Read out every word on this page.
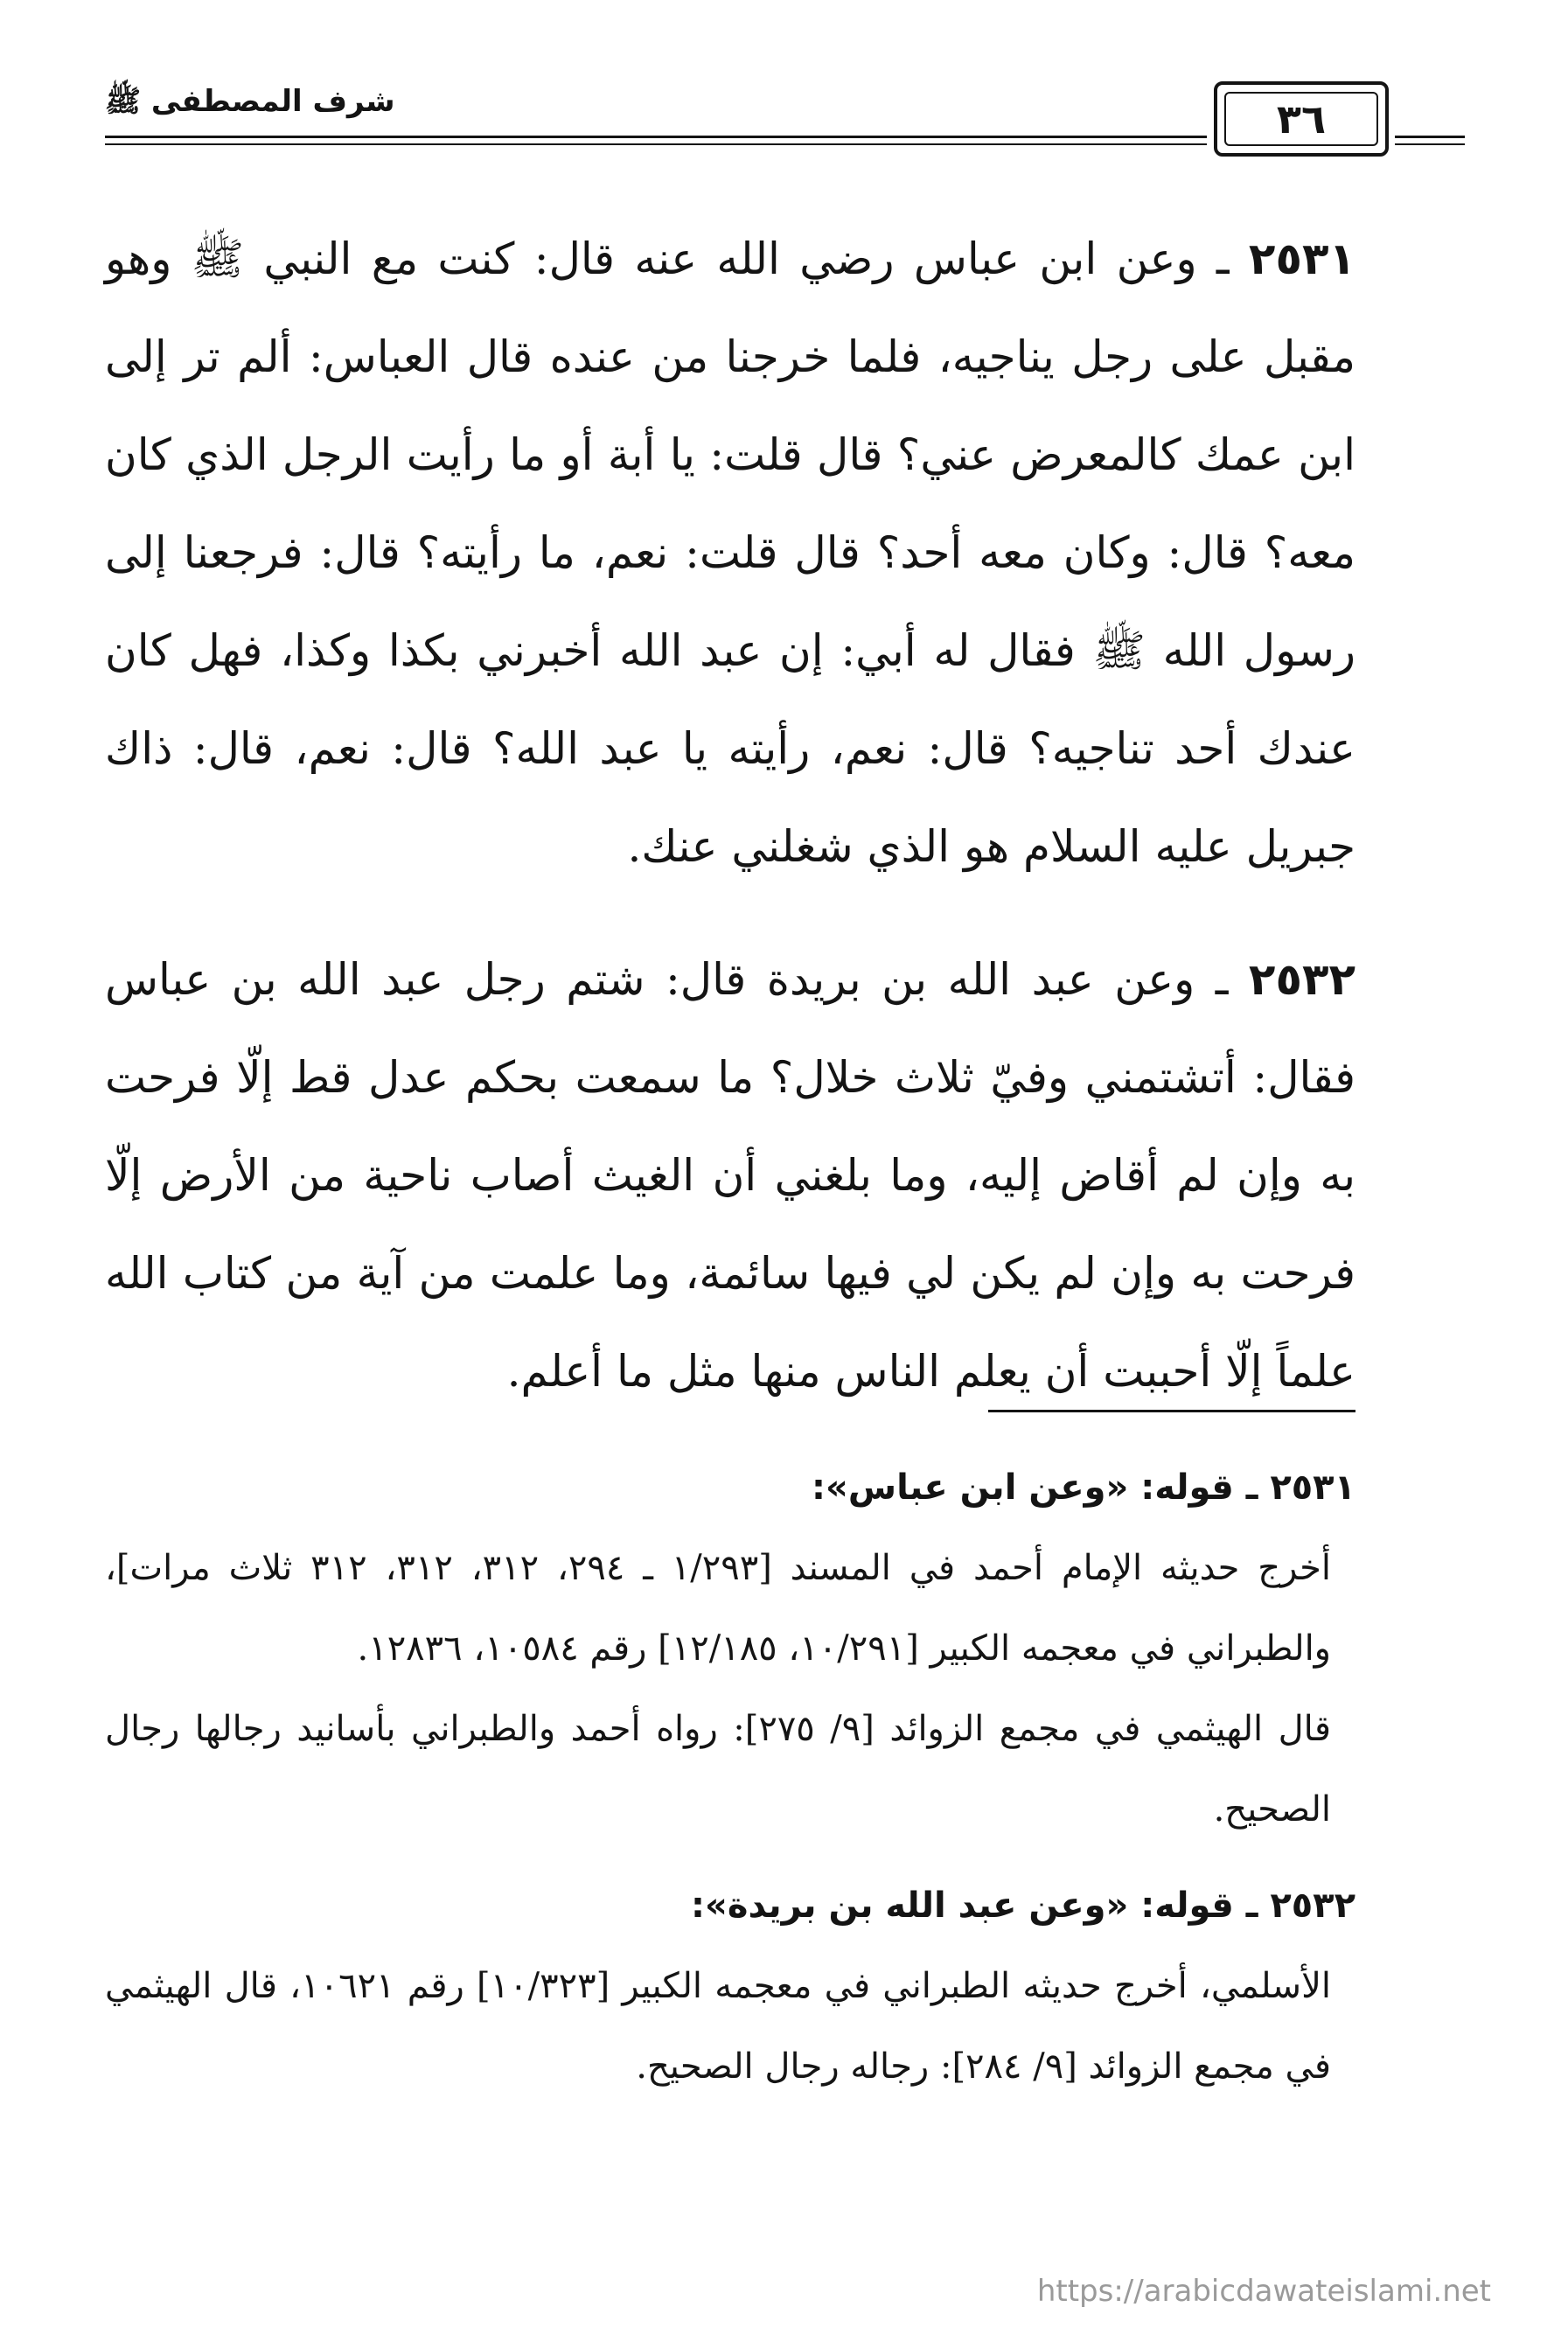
٣٦
شرف المصطفى ﷺ

٢٥٣١ ـ وعن ابن عباس رضي الله عنه قال: كنت مع النبي ﷺ وهو مقبل على رجل يناجيه، فلما خرجنا من عنده قال العباس: ألم تر إلى ابن عمك كالمعرض عني؟ قال قلت: يا أبة أو ما رأيت الرجل الذي كان معه؟ قال: وكان معه أحد؟ قال قلت: نعم، ما رأيته؟ قال: فرجعنا إلى رسول الله ﷺ فقال له أبي: إن عبد الله أخبرني بكذا وكذا، فهل كان عندك أحد تناجيه؟ قال: نعم، رأيته يا عبد الله؟ قال: نعم، قال: ذاك جبريل عليه السلام هو الذي شغلني عنك.

٢٥٣٢ ـ وعن عبد الله بن بريدة قال: شتم رجل عبد الله بن عباس فقال: أتشتمني وفيّ ثلاث خلال؟ ما سمعت بحكم عدل قط إلّا فرحت به وإن لم أقاض إليه، وما بلغني أن الغيث أصاب ناحية من الأرض إلّا فرحت به وإن لم يكن لي فيها سائمة، وما علمت من آية من كتاب الله علماً إلّا أحببت أن يعلم الناس منها مثل ما أعلم.

٢٥٣١ ـ قوله: «وعن ابن عباس»:

أخرج حديثه الإمام أحمد في المسند [١/٢٩٣ ـ ٢٩٤، ٣١٢، ٣١٢، ٣١٢ ثلاث مرات]، والطبراني في معجمه الكبير [١٠/٢٩١، ١٢/١٨٥] رقم ١٠٥٨٤، ١٢٨٣٦.

قال الهيثمي في مجمع الزوائد [٩/ ٢٧٥]: رواه أحمد والطبراني بأسانيد رجالها رجال الصحيح.

٢٥٣٢ ـ قوله: «وعن عبد الله بن بريدة»:

الأسلمي، أخرج حديثه الطبراني في معجمه الكبير [١٠/٣٢٣] رقم ١٠٦٢١، قال الهيثمي في مجمع الزوائد [٩/ ٢٨٤]: رجاله رجال الصحيح.

https://arabicdawateislami.net
